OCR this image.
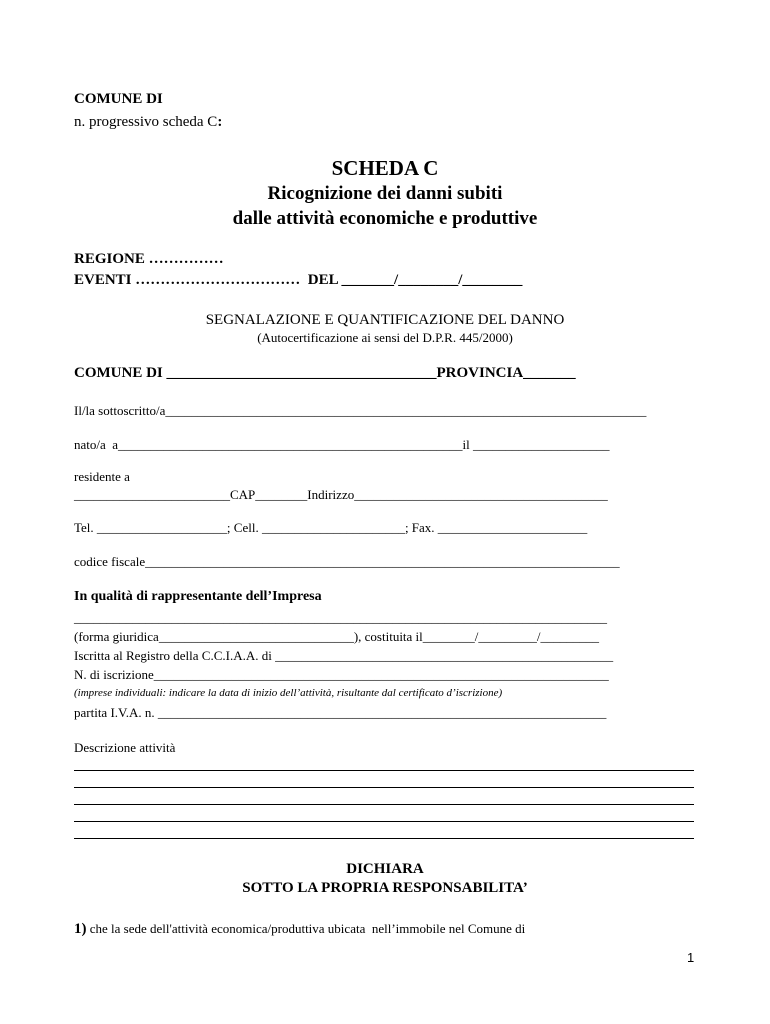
COMUNE DI
n. progressivo scheda C:
SCHEDA C
Ricognizione dei danni subiti
dalle attività economiche e produttive
REGIONE ……………
EVENTI ……………………………  DEL _______/________/________
SEGNALAZIONE E QUANTIFICAZIONE DEL DANNO
(Autocertificazione ai sensi del D.P.R. 445/2000)
COMUNE DI ____________________________________PROVINCIA_______
Il/la sottoscritto/a__________________________________________________________________________
nato/a  a_____________________________________________________il _____________________
residente a
________________________CAP________Indirizzo_______________________________________
Tel. ____________________; Cell. ______________________; Fax. _______________________
codice fiscale_________________________________________________________________________
In qualità di rappresentante dell’Impresa
__________________________________________________________________________________
(forma giuridica______________________________), costituita il________/_________/_________
Iscritta al Registro della C.C.I.A.A. di ____________________________________________________
N. di iscrizione______________________________________________________________________
(imprese individuali: indicare la data di inizio dell’attività, risultante dal certificato d’iscrizione)
partita I.V.A. n. _____________________________________________________________________
Descrizione attività
DICHIARA
SOTTO LA PROPRIA RESPONSABILITA’
1) che la sede dell'attività economica/produttiva ubicata  nell’immobile nel Comune di
1
